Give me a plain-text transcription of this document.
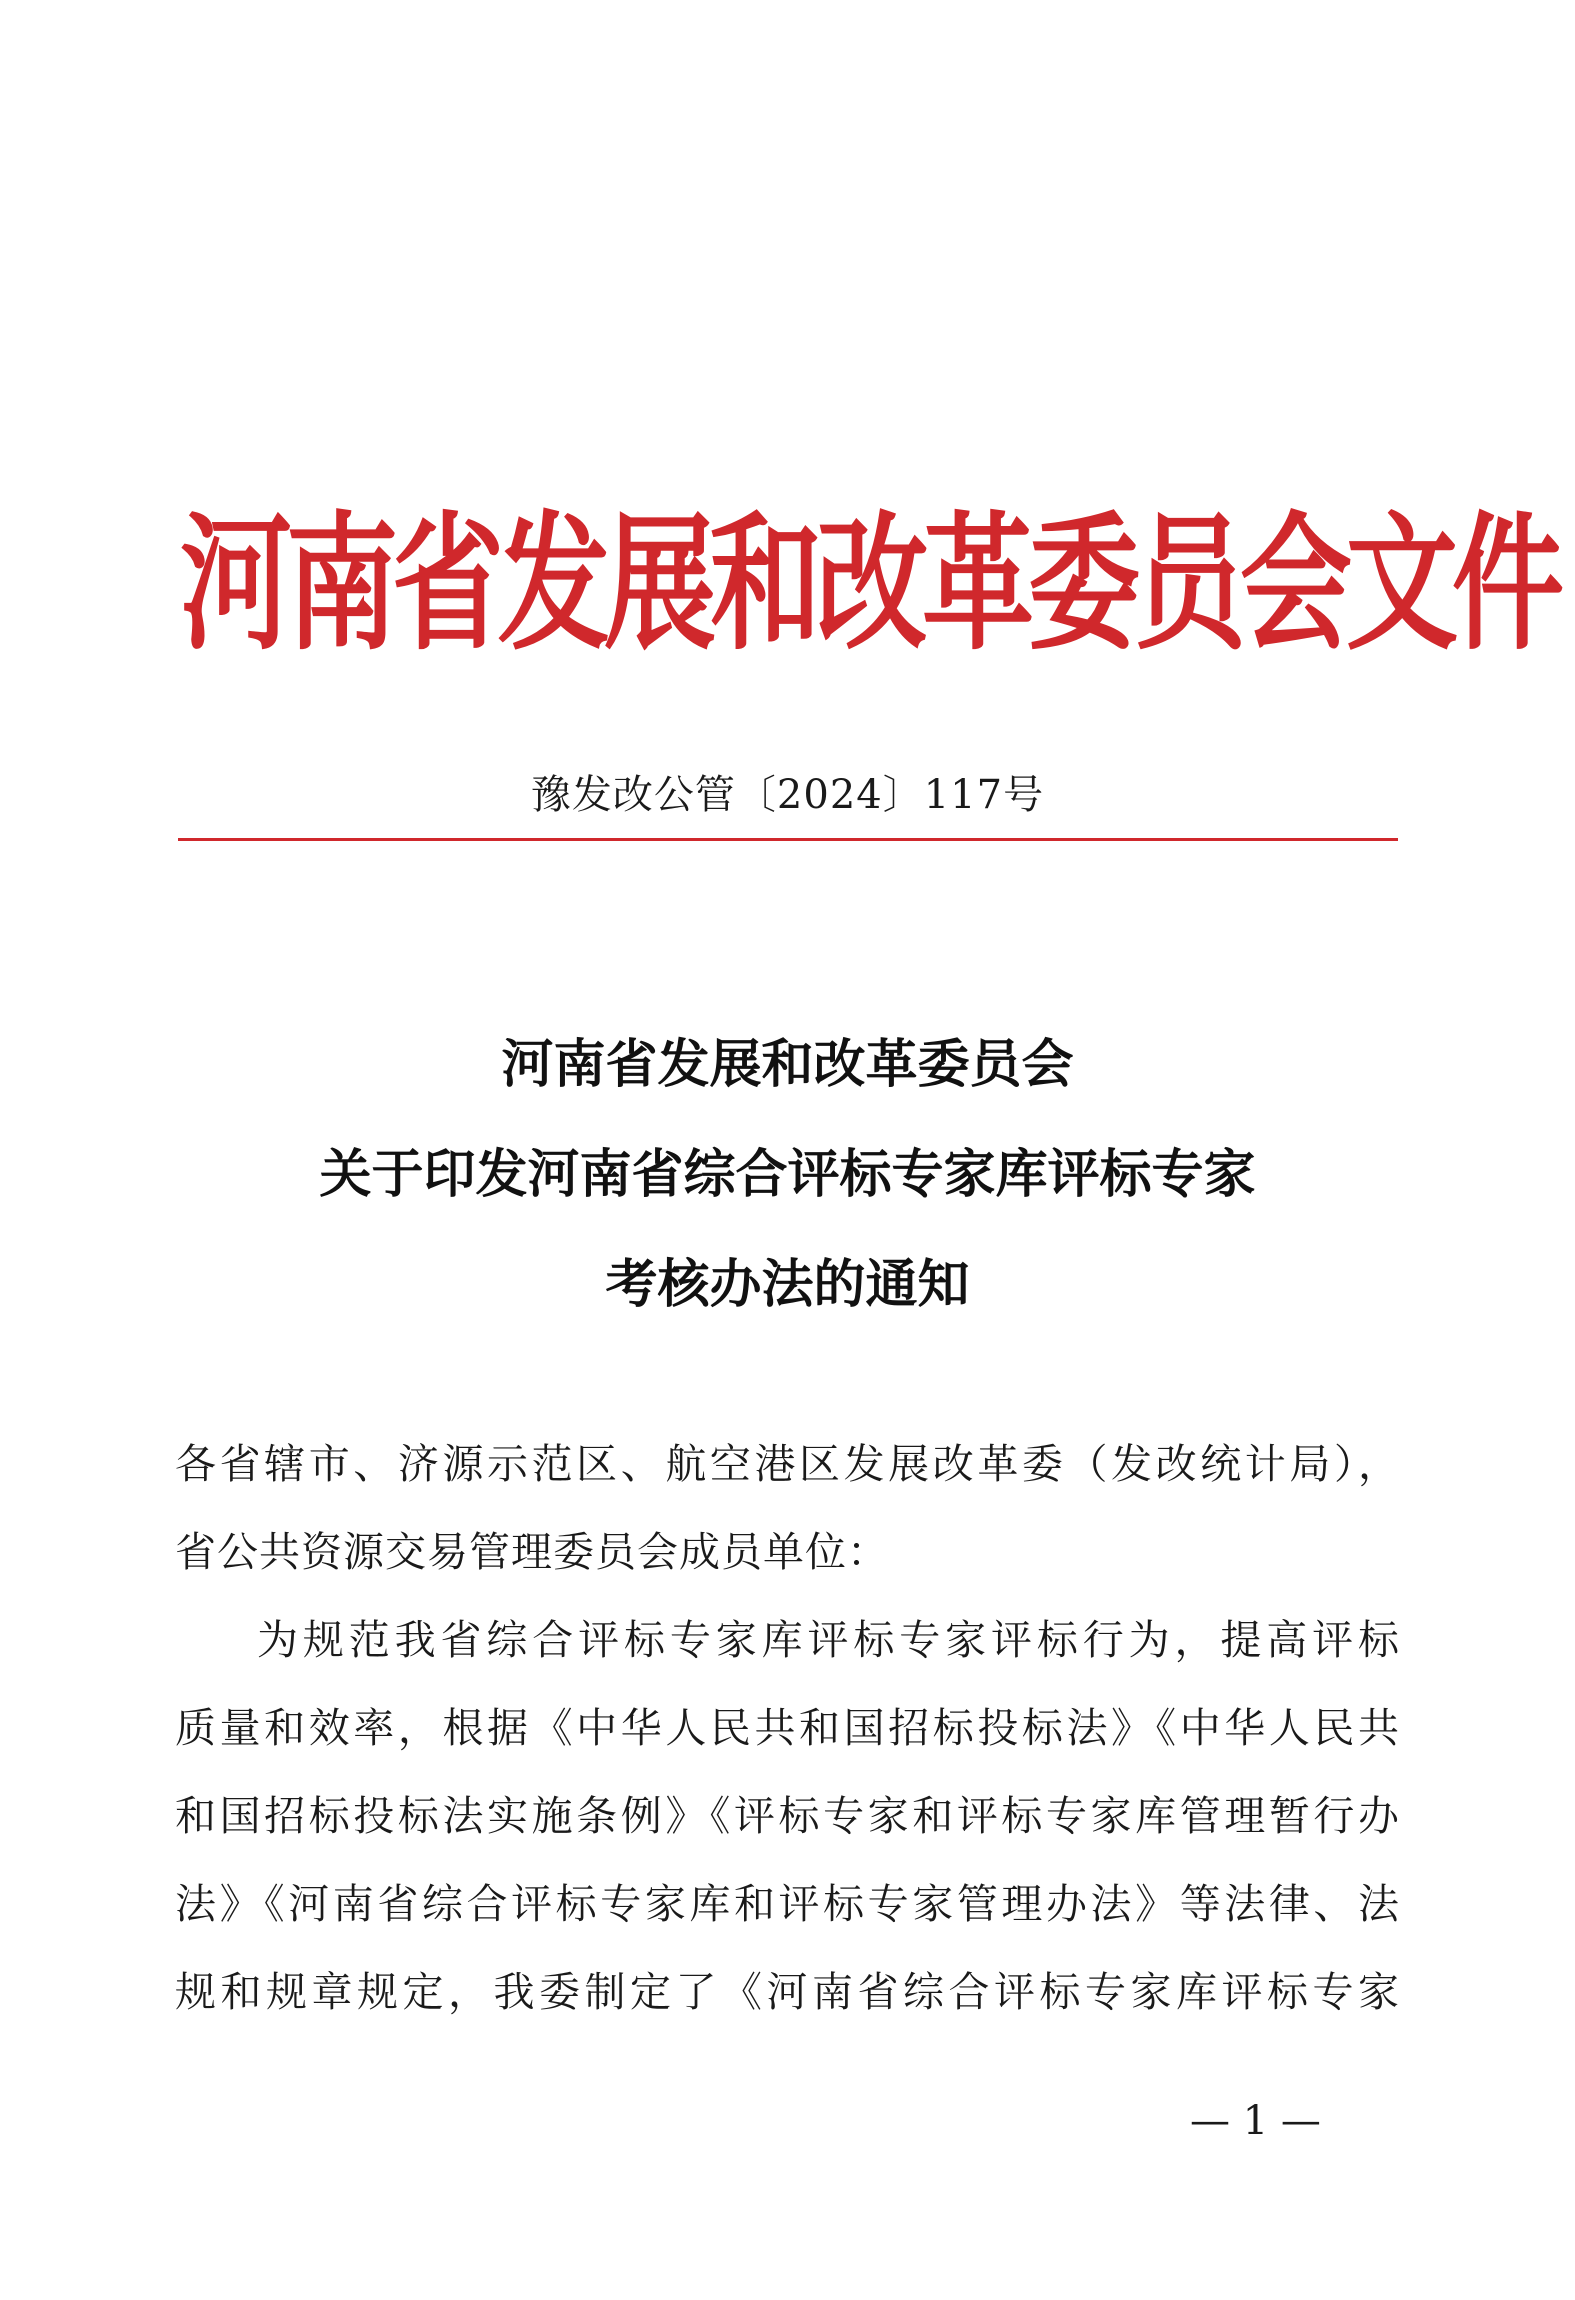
河南省发展和改革委员会文件
豫发改公管〔2024〕117号
河南省发展和改革委员会
关于印发河南省综合评标专家库评标专家
考核办法的通知
各省辖市、济源示范区、航空港区发展改革委（发改统计局），
省公共资源交易管理委员会成员单位：
为规范我省综合评标专家库评标专家评标行为，提高评标
质量和效率，根据《中华人民共和国招标投标法》《中华人民共
和国招标投标法实施条例》《评标专家和评标专家库管理暂行办
法》《河南省综合评标专家库和评标专家管理办法》等法律、法
规和规章规定，我委制定了《河南省综合评标专家库评标专家
— 1 —
